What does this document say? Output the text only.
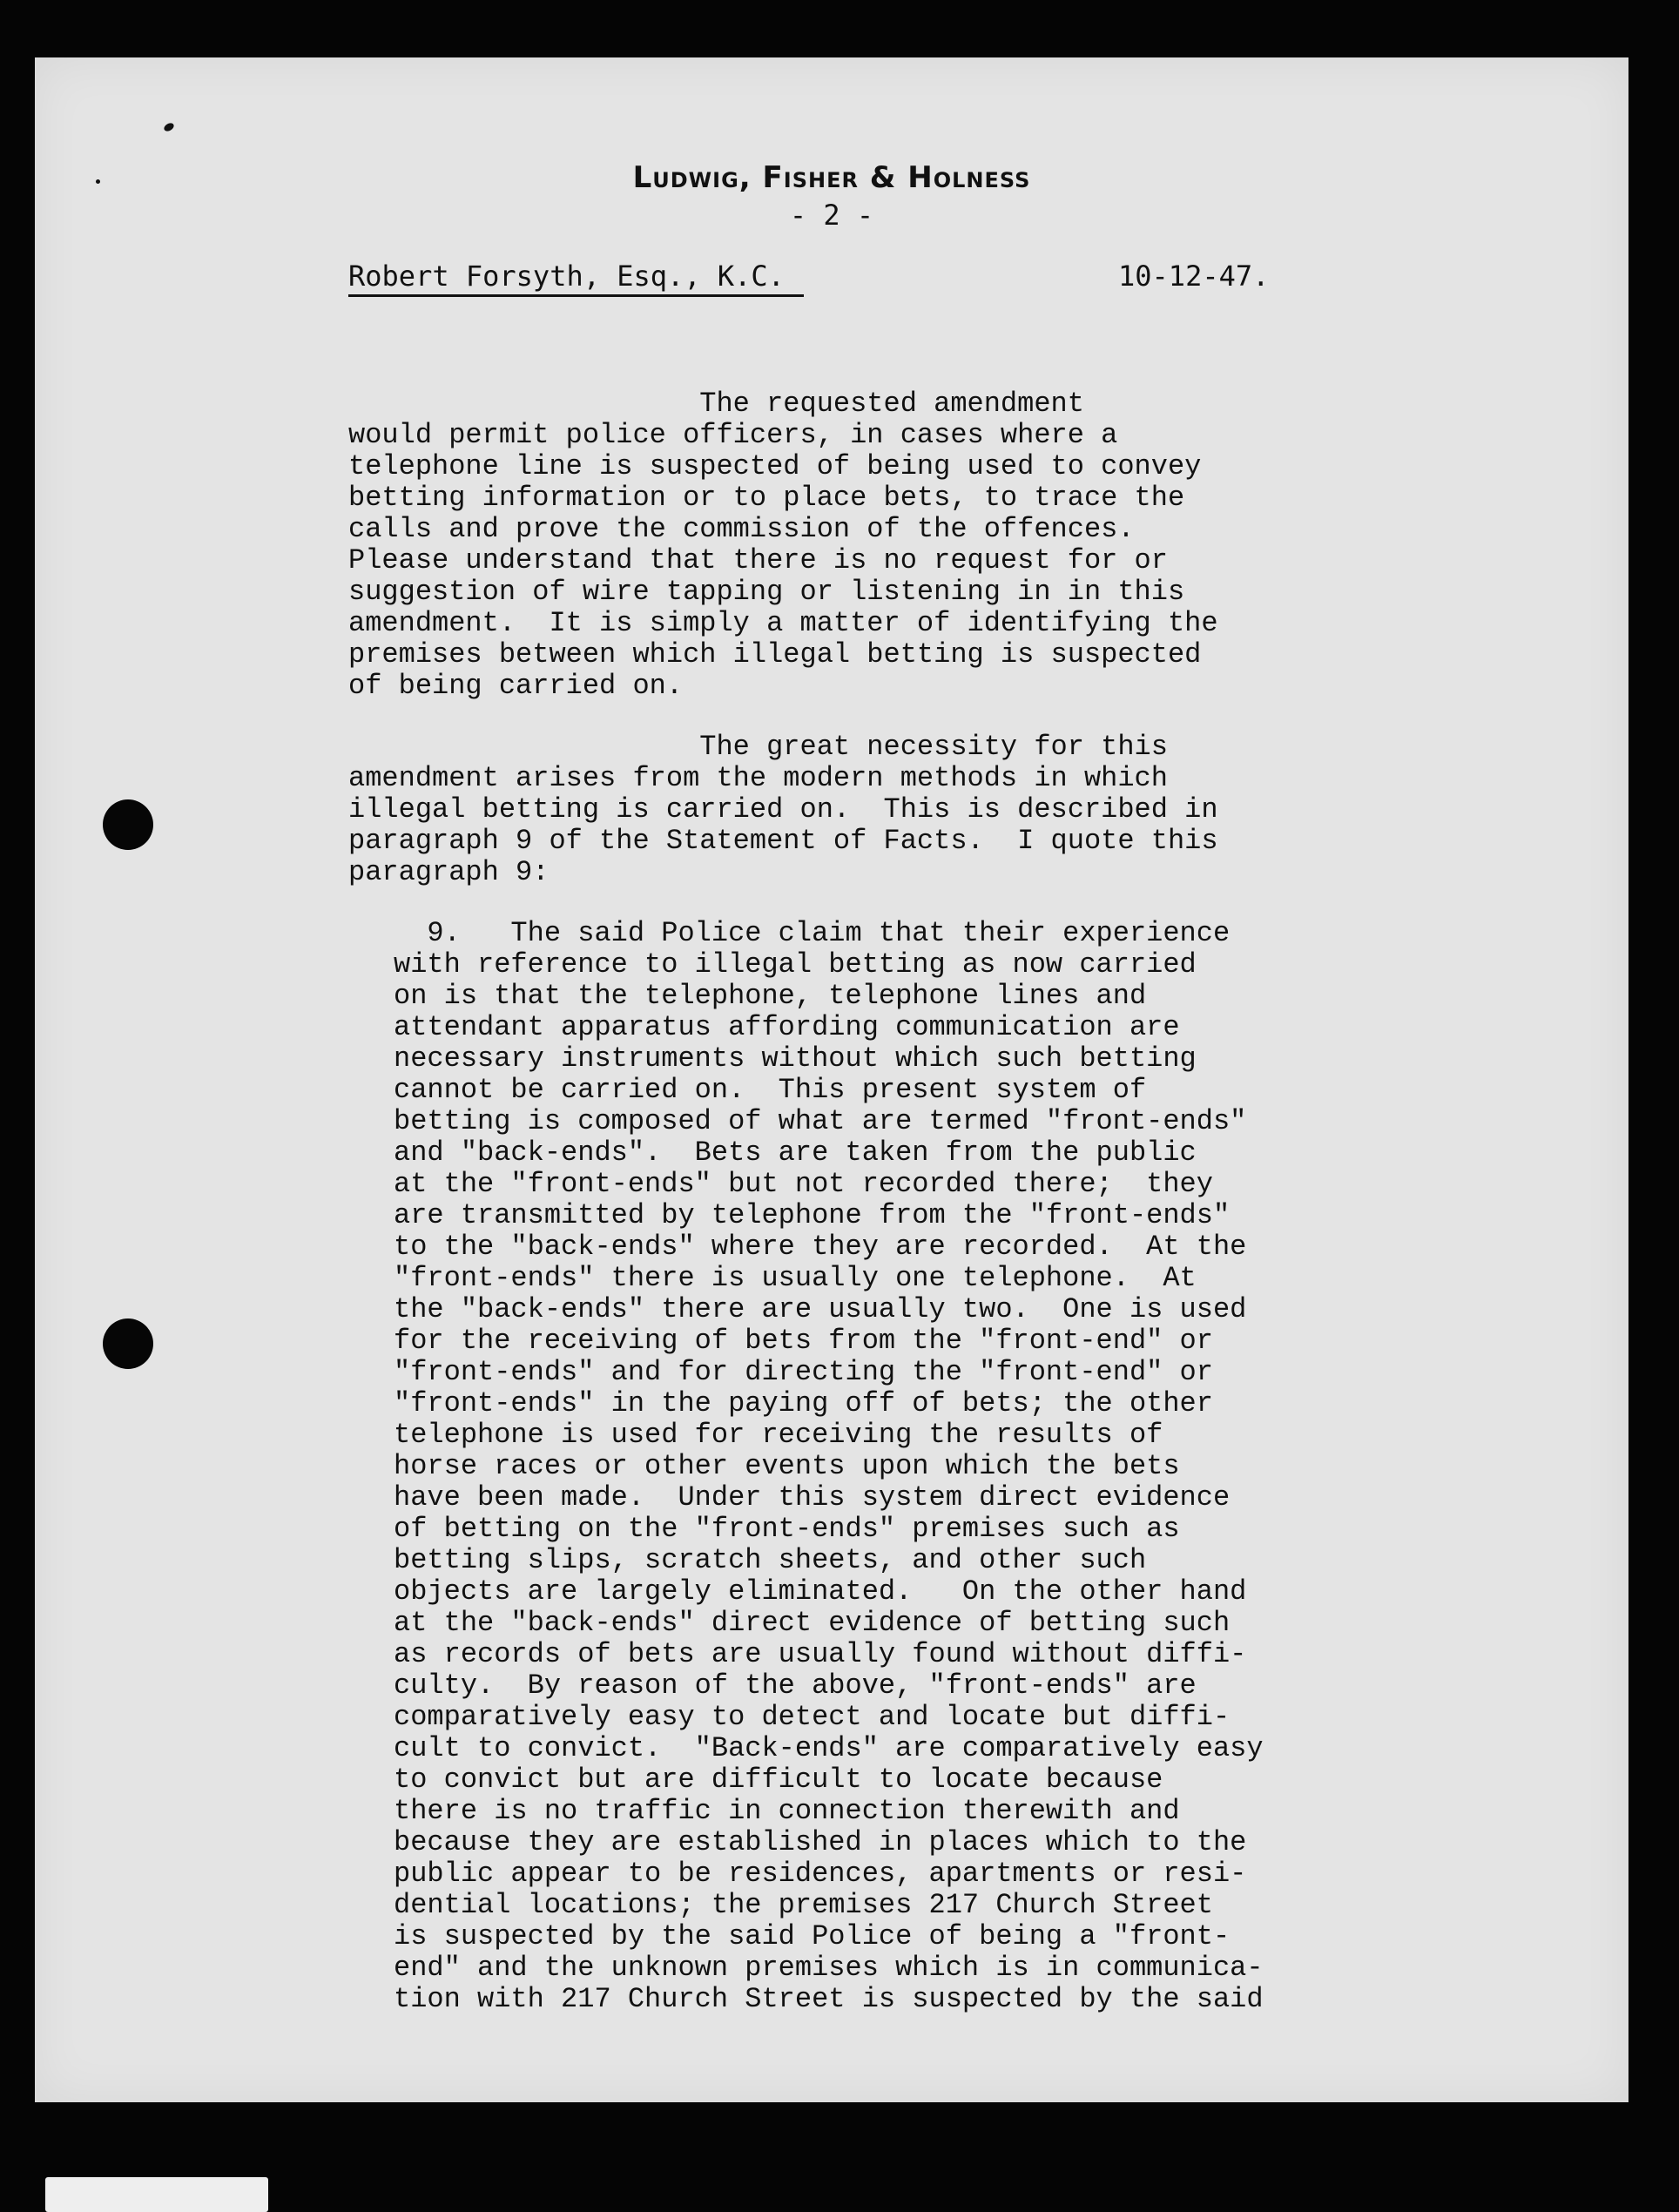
Ludwig, Fisher & Holness
- 2 -
Robert Forsyth, Esq., K.C.	10-12-47.
The requested amendment
would permit police officers, in cases where a
telephone line is suspected of being used to convey
betting information or to place bets, to trace the
calls and prove the commission of the offences.
Please understand that there is no request for or
suggestion of wire tapping or listening in in this
amendment.  It is simply a matter of identifying the
premises between which illegal betting is suspected
of being carried on.
The great necessity for this
amendment arises from the modern methods in which
illegal betting is carried on.  This is described in
paragraph 9 of the Statement of Facts.  I quote this
paragraph 9:
9.   The said Police claim that their experience
with reference to illegal betting as now carried
on is that the telephone, telephone lines and
attendant apparatus affording communication are
necessary instruments without which such betting
cannot be carried on.  This present system of
betting is composed of what are termed "front-ends"
and "back-ends".  Bets are taken from the public
at the "front-ends" but not recorded there;  they
are transmitted by telephone from the "front-ends"
to the "back-ends" where they are recorded.  At the
"front-ends" there is usually one telephone.  At
the "back-ends" there are usually two.  One is used
for the receiving of bets from the "front-end" or
"front-ends" and for directing the "front-end" or
"front-ends" in the paying off of bets; the other
telephone is used for receiving the results of
horse races or other events upon which the bets
have been made.  Under this system direct evidence
of betting on the "front-ends" premises such as
betting slips, scratch sheets, and other such
objects are largely eliminated.   On the other hand
at the "back-ends" direct evidence of betting such
as records of bets are usually found without diffi-
culty.  By reason of the above, "front-ends" are
comparatively easy to detect and locate but diffi-
cult to convict.  "Back-ends" are comparatively easy
to convict but are difficult to locate because
there is no traffic in connection therewith and
because they are established in places which to the
public appear to be residences, apartments or resi-
dential locations; the premises 217 Church Street
is suspected by the said Police of being a "front-
end" and the unknown premises which is in communica-
tion with 217 Church Street is suspected by the said
